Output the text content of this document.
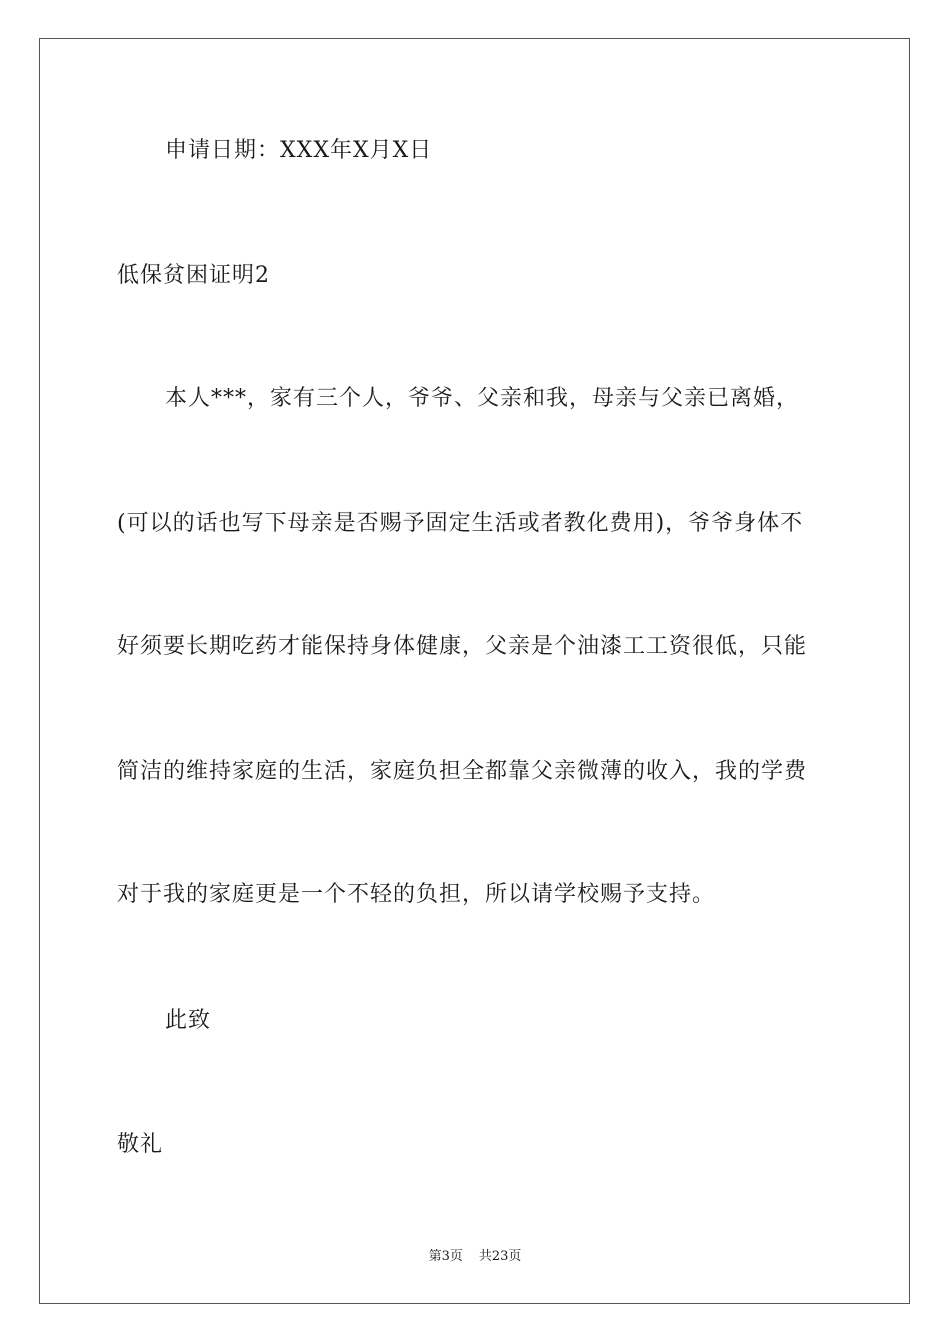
申请日期：XXX年X月X日
低保贫困证明2
本人***，家有三个人，爷爷、父亲和我，母亲与父亲已离婚，
(可以的话也写下母亲是否赐予固定生活或者教化费用)，爷爷身体不
好须要长期吃药才能保持身体健康，父亲是个油漆工工资很低，只能
简洁的维持家庭的生活，家庭负担全都靠父亲微薄的收入，我的学费
对于我的家庭更是一个不轻的负担，所以请学校赐予支持。
此致
敬礼
第3页 共23页
